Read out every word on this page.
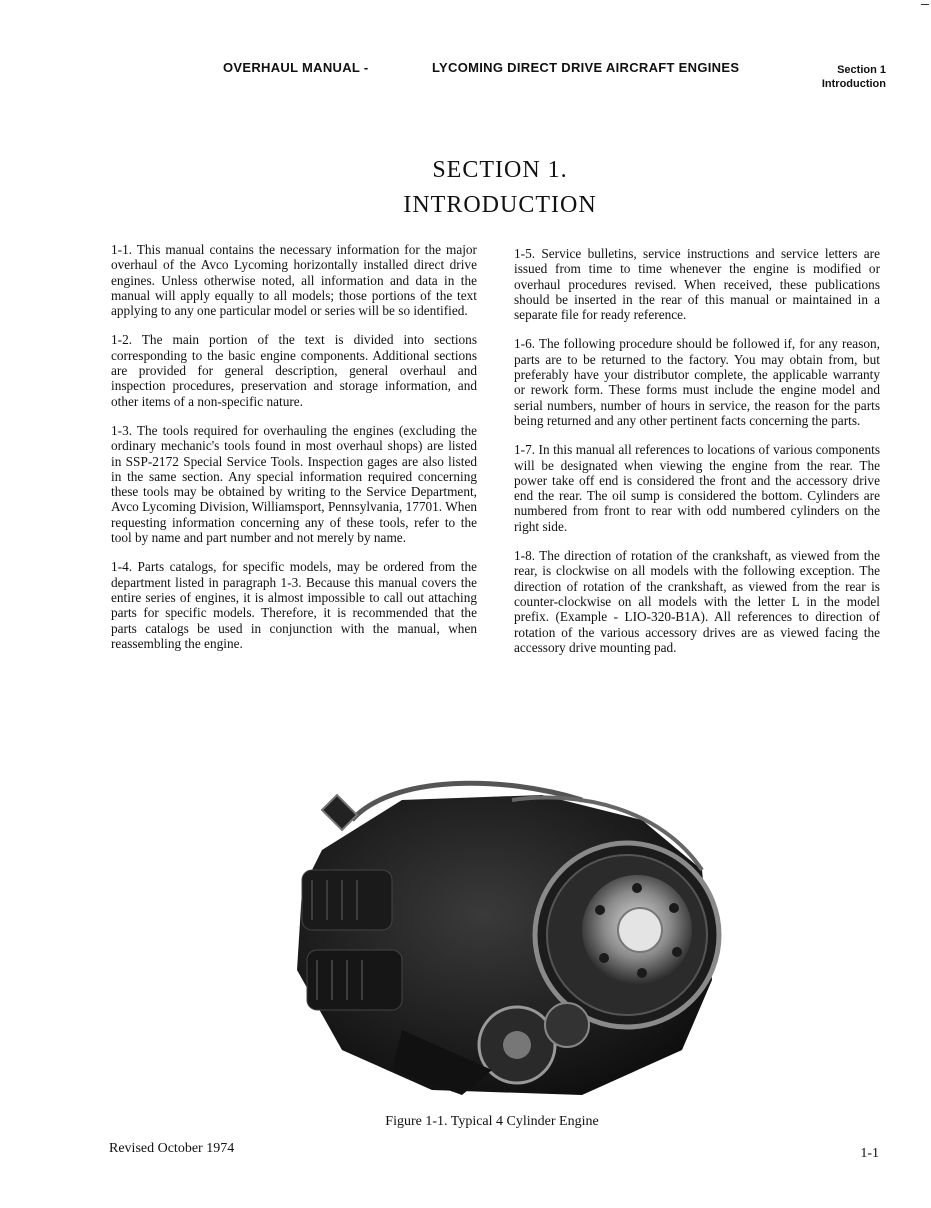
OVERHAUL MANUAL -	LYCOMING DIRECT DRIVE AIRCRAFT ENGINES	Section 1
Introduction
SECTION 1.
INTRODUCTION

1-1. This manual contains the necessary information for the major overhaul of the Avco Lycoming horizontally installed direct drive engines. Unless otherwise noted, all information and data in the manual will apply equally to all models; those portions of the text applying to any one particular model or series will be so identified.

1-2. The main portion of the text is divided into sections corresponding to the basic engine components. Additional sections are provided for general description, general overhaul and inspection procedures, preservation and storage information, and other items of a non-specific nature.

1-3. The tools required for overhauling the engines (excluding the ordinary mechanic's tools found in most overhaul shops) are listed in SSP-2172 Special Service Tools. Inspection gages are also listed in the same section. Any special information required concerning these tools may be obtained by writing to the Service Department, Avco Lycoming Division, Williamsport, Pennsylvania, 17701. When requesting information concerning any of these tools, refer to the tool by name and part number and not merely by name.

1-4. Parts catalogs, for specific models, may be ordered from the department listed in paragraph 1-3. Because this manual covers the entire series of engines, it is almost impossible to call out attaching parts for specific models. Therefore, it is recommended that the parts catalogs be used in conjunction with the manual, when reassembling the engine.

1-5. Service bulletins, service instructions and service letters are issued from time to time whenever the engine is modified or overhaul procedures revised. When received, these publications should be inserted in the rear of this manual or maintained in a separate file for ready reference.

1-6. The following procedure should be followed if, for any reason, parts are to be returned to the factory. You may obtain from, but preferably have your distributor complete, the applicable warranty or rework form. These forms must include the engine model and serial numbers, number of hours in service, the reason for the parts being returned and any other pertinent facts concerning the parts.

1-7. In this manual all references to locations of various components will be designated when viewing the engine from the rear. The power take off end is considered the front and the accessory drive end the rear. The oil sump is considered the bottom. Cylinders are numbered from front to rear with odd numbered cylinders on the right side.

1-8. The direction of rotation of the crankshaft, as viewed from the rear, is clockwise on all models with the following exception. The direction of rotation of the crankshaft, as viewed from the rear is counter-clockwise on all models with the letter L in the model prefix. (Example - LIO-320-B1A). All references to direction of rotation of the various accessory drives are as viewed facing the accessory drive mounting pad.

Figure 1-1. Typical 4 Cylinder Engine
Revised October 1974	1-1
